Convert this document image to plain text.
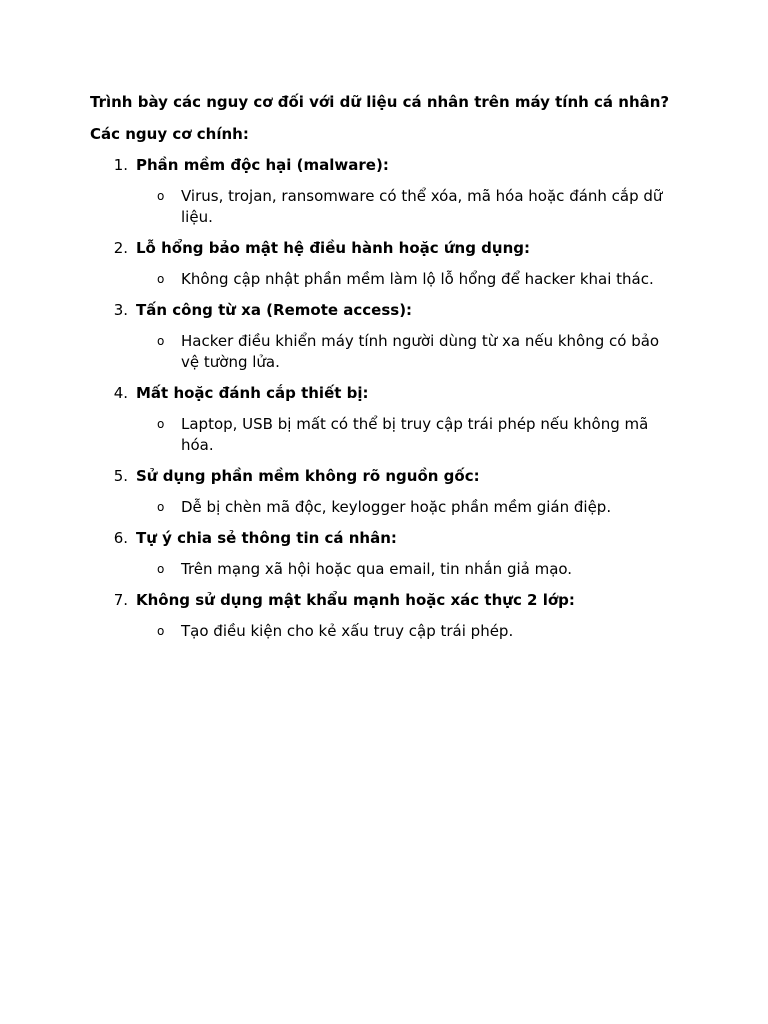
Trình bày các nguy cơ đối với dữ liệu cá nhân trên máy tính cá nhân?
Các nguy cơ chính:
1. Phần mềm độc hại (malware):
o Virus, trojan, ransomware có thể xóa, mã hóa hoặc đánh cắp dữ liệu.
2. Lỗ hổng bảo mật hệ điều hành hoặc ứng dụng:
o Không cập nhật phần mềm làm lộ lỗ hổng để hacker khai thác.
3. Tấn công từ xa (Remote access):
o Hacker điều khiển máy tính người dùng từ xa nếu không có bảo vệ tường lửa.
4. Mất hoặc đánh cắp thiết bị:
o Laptop, USB bị mất có thể bị truy cập trái phép nếu không mã hóa.
5. Sử dụng phần mềm không rõ nguồn gốc:
o Dễ bị chèn mã độc, keylogger hoặc phần mềm gián điệp.
6. Tự ý chia sẻ thông tin cá nhân:
o Trên mạng xã hội hoặc qua email, tin nhắn giả mạo.
7. Không sử dụng mật khẩu mạnh hoặc xác thực 2 lớp:
o Tạo điều kiện cho kẻ xấu truy cập trái phép.
